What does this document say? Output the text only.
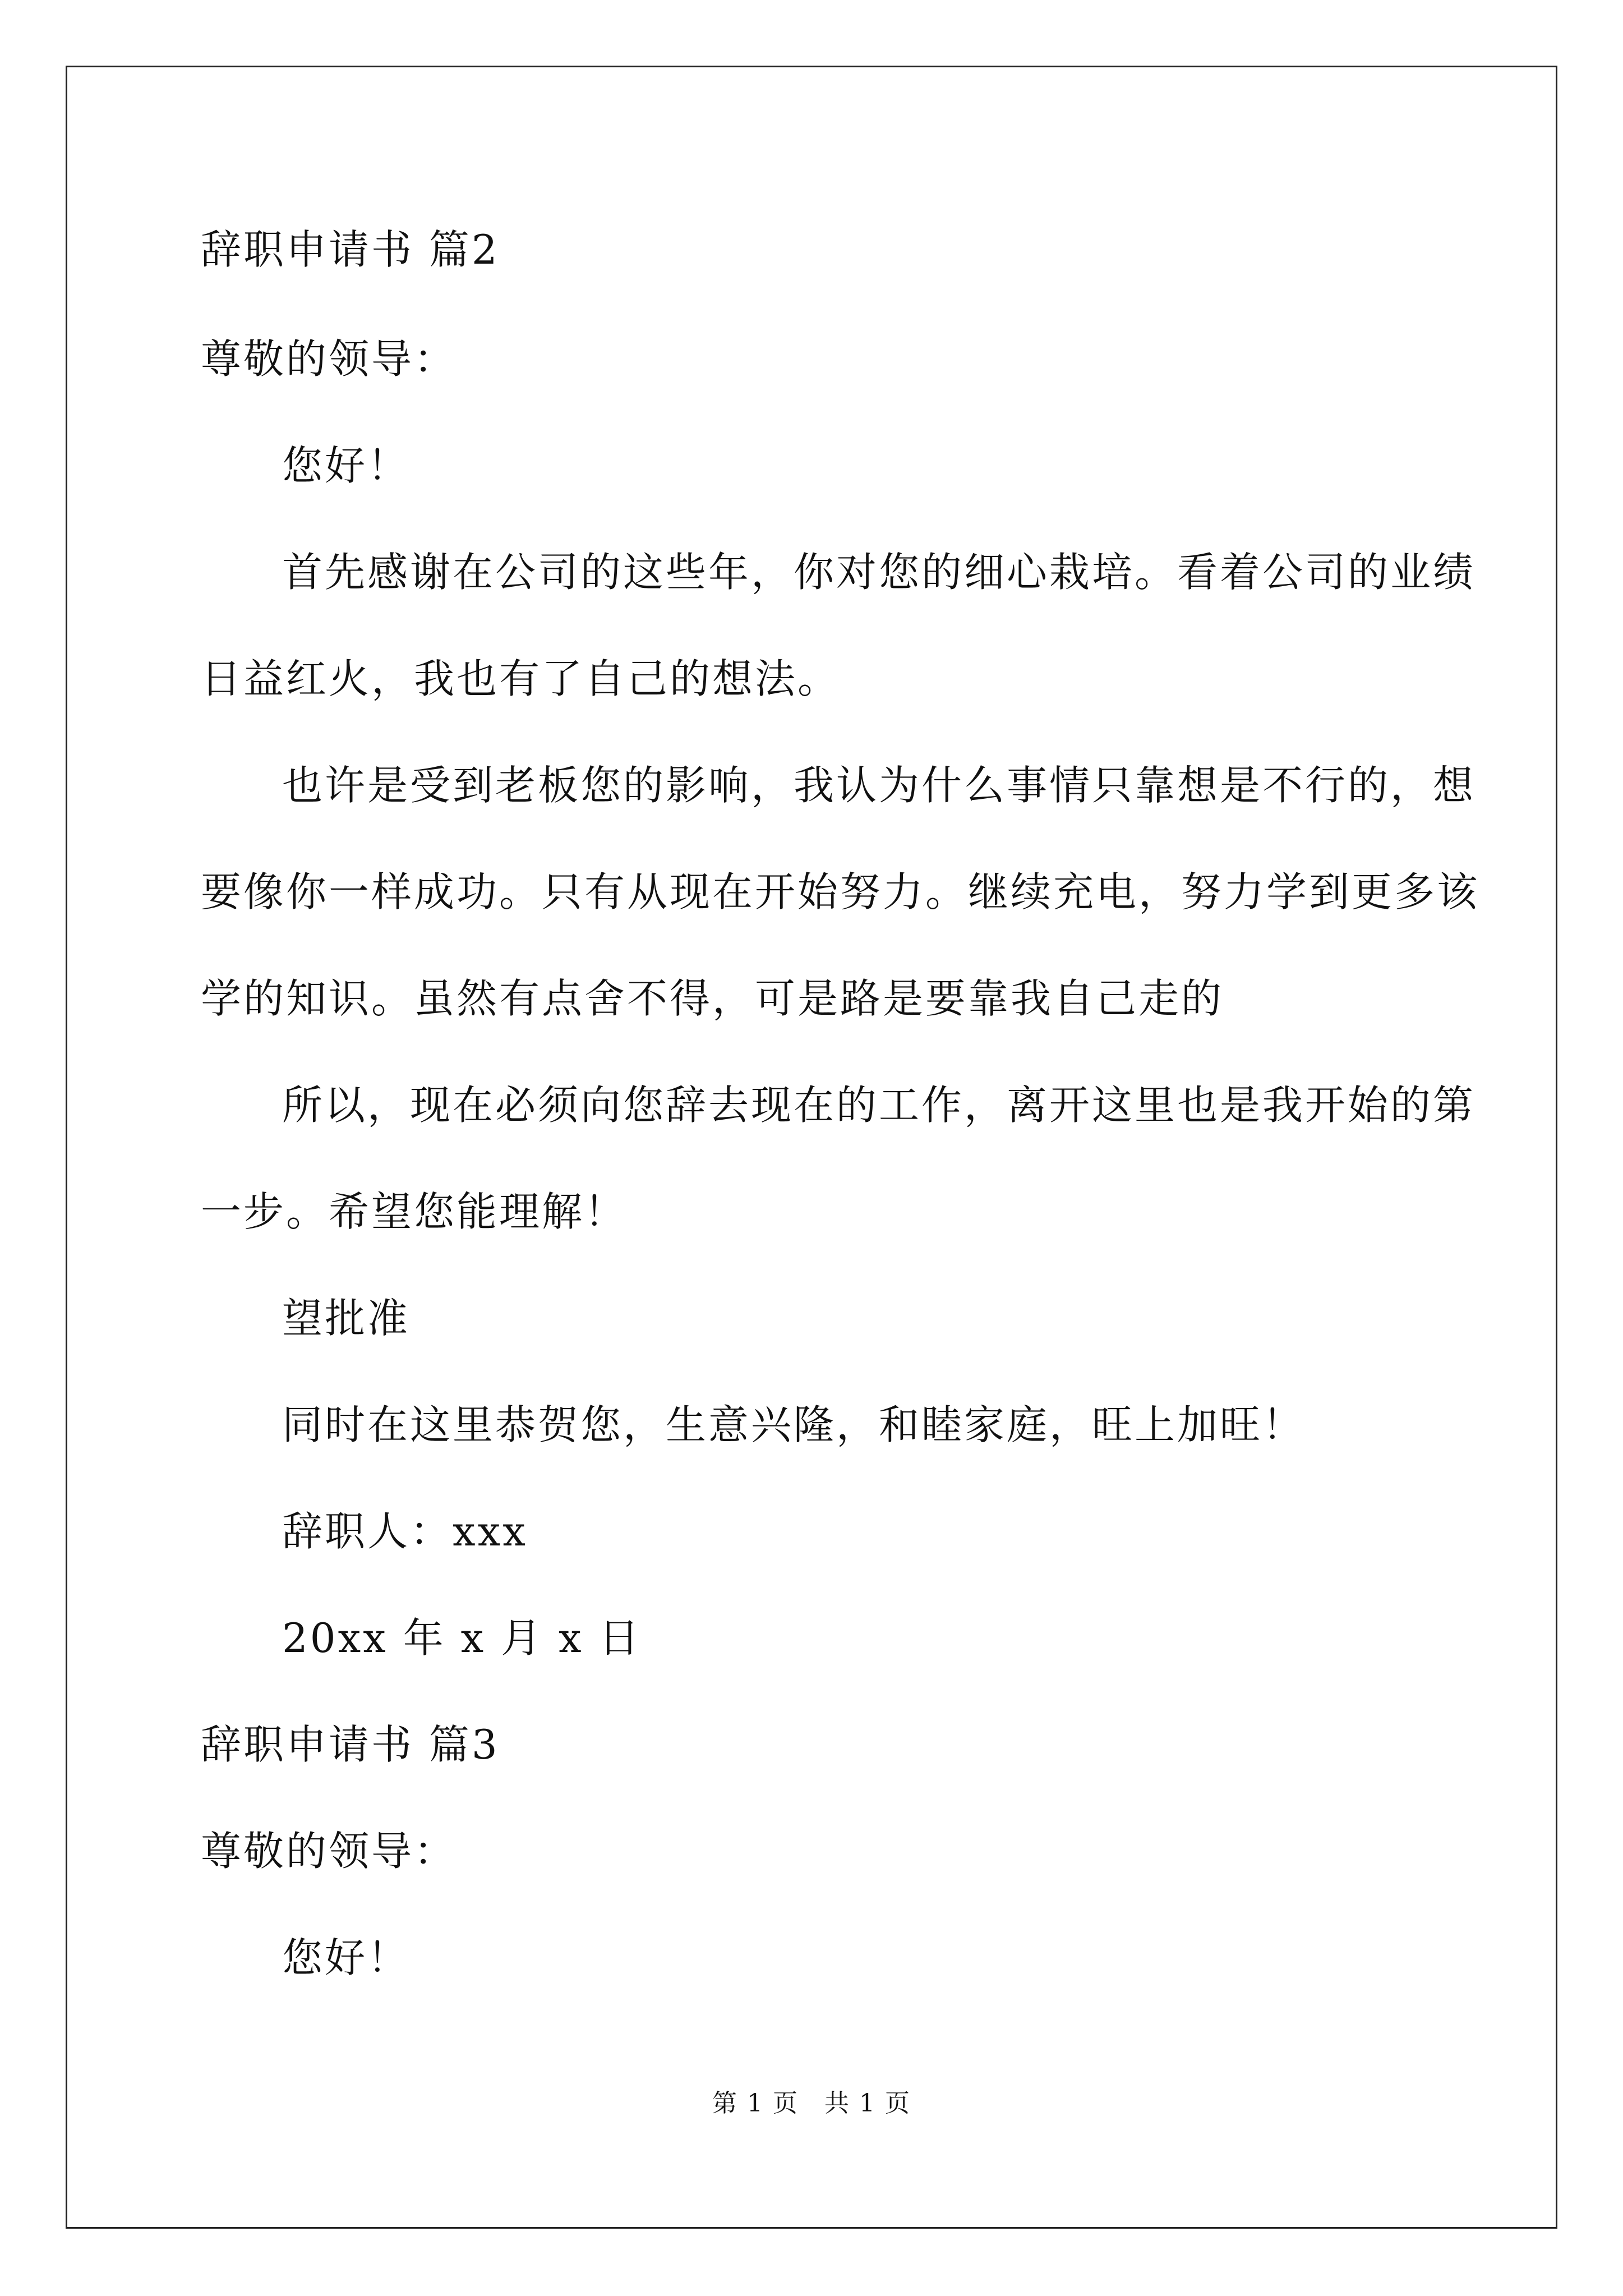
辞职申请书 篇2
尊敬的领导：
您好！
首先感谢在公司的这些年，你对您的细心栽培。看着公司的业绩
日益红火，我也有了自己的想法。
也许是受到老板您的影响，我认为什么事情只靠想是不行的，想
要像你一样成功。只有从现在开始努力。继续充电，努力学到更多该
学的知识。虽然有点舍不得，可是路是要靠我自己走的
所以，现在必须向您辞去现在的工作，离开这里也是我开始的第
一步。希望您能理解！
望批准
同时在这里恭贺您，生意兴隆，和睦家庭，旺上加旺！
辞职人：xxx
20xx 年 x 月 x 日
辞职申请书 篇3
尊敬的领导：
您好！
第 1 页　共 1 页
